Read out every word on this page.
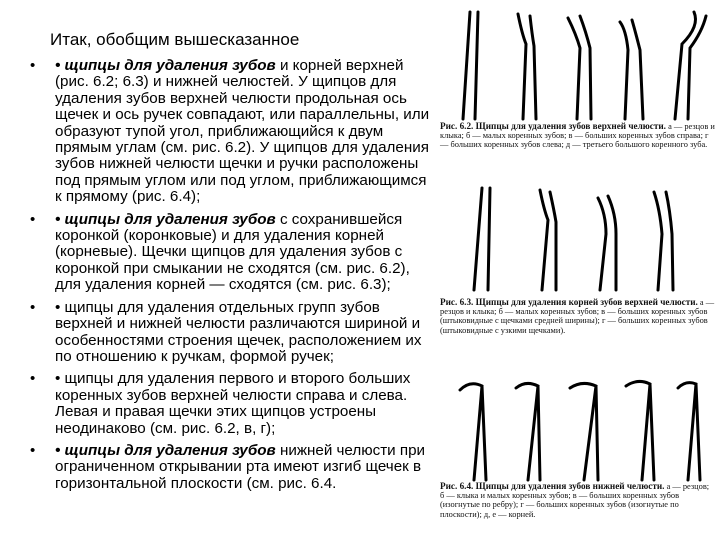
Итак, обобщим вышесказанное
• • щипцы для удаления зубов и корней верхней (рис. 6.2; 6.3) и нижней челюстей. У щипцов для удаления зубов верхней челюсти продольная ось щечек и ось ручек совпадают, или параллельны, или образуют тупой угол, приближающийся к двум прямым углам (см. рис. 6.2). У щипцов для удаления зубов нижней челюсти щечки и ручки расположены под прямым углом или под углом, приближающимся к прямому (рис. 6.4);
• • щипцы для удаления зубов с сохранившейся коронкой (коронковые) и для удаления корней (корневые). Щечки щипцов для удаления зубов с коронкой при смыкании не сходятся (см. рис. 6.2), для удаления корней — сходятся (см. рис. 6.3);
• • щипцы для удаления отдельных групп зубов верхней и нижней челюсти различаются шириной и особенностями строения щечек, расположением их по отношению к ручкам, формой ручек;
• • щипцы для удаления первого и второго больших коренных зубов верхней челюсти справа и слева. Левая и правая щечки этих щипцов устроены неодинаково (см. рис. 6.2, в, г);
• • щипцы для удаления зубов нижней челюсти при ограниченном открывании рта имеют изгиб щечек в горизонтальной плоскости (см. рис. 6.4.
Рис. 6.2. Щипцы для удаления зубов верхней челюсти. а — резцов и клыка; б — малых коренных зубов; в — больших коренных зубов справа; г — больших коренных зубов слева; д — третьего большого коренного зуба.
Рис. 6.3. Щипцы для удаления корней зубов верхней челюсти. а — резцов и клыка; б — малых коренных зубов; в — больших коренных зубов (штыковидные с щечками средней ширины); г — больших коренных зубов (штыковидные с узкими щечками).
Рис. 6.4. Щипцы для удаления зубов нижней челюсти. а — резцов; б — клыка и малых коренных зубов; в — больших коренных зубов (изогнутые по ребру); г — больших коренных зубов (изогнутые по плоскости); д, е — корней.
